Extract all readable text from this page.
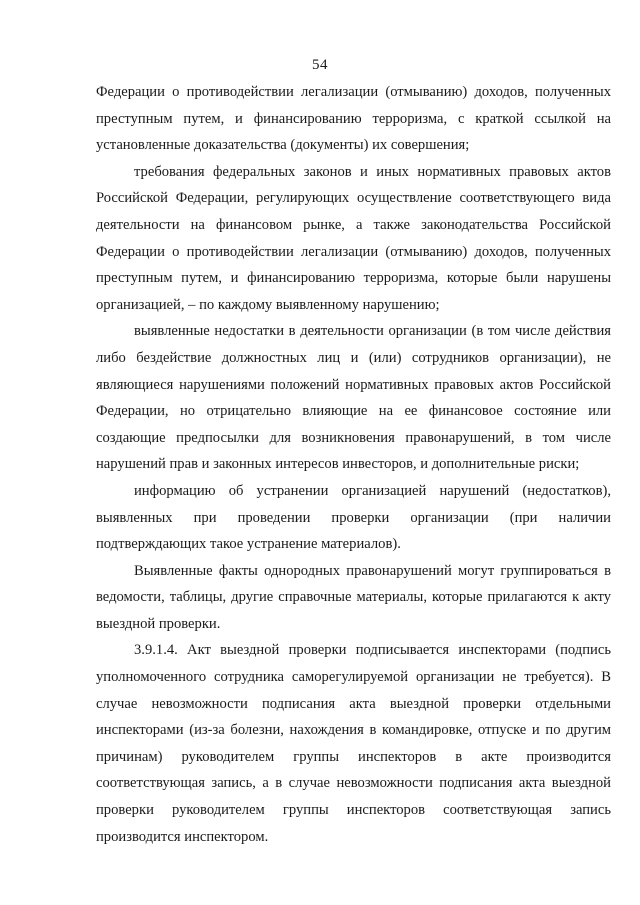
54

Федерации о противодействии легализации (отмыванию) доходов, полученных преступным путем, и финансированию терроризма, с краткой ссылкой на установленные доказательства (документы) их совершения;

требования федеральных законов и иных нормативных правовых актов Российской Федерации, регулирующих осуществление соответствующего вида деятельности на финансовом рынке, а также законодательства Российской Федерации о противодействии легализации (отмыванию) доходов, полученных преступным путем, и финансированию терроризма, которые были нарушены организацией, – по каждому выявленному нарушению;

выявленные недостатки в деятельности организации (в том числе действия либо бездействие должностных лиц и (или) сотрудников организации), не являющиеся нарушениями положений нормативных правовых актов Российской Федерации, но отрицательно влияющие на ее финансовое состояние или создающие предпосылки для возникновения правонарушений, в том числе нарушений прав и законных интересов инвесторов, и дополнительные риски;

информацию об устранении организацией нарушений (недостатков), выявленных при проведении проверки организации (при наличии подтверждающих такое устранение материалов).

Выявленные факты однородных правонарушений могут группироваться в ведомости, таблицы, другие справочные материалы, которые прилагаются к акту выездной проверки.

3.9.1.4. Акт выездной проверки подписывается инспекторами (подпись уполномоченного сотрудника саморегулируемой организации не требуется). В случае невозможности подписания акта выездной проверки отдельными инспекторами (из-за болезни, нахождения в командировке, отпуске и по другим причинам) руководителем группы инспекторов в акте производится соответствующая запись, а в случае невозможности подписания акта выездной проверки руководителем группы инспекторов соответствующая запись производится инспектором.
